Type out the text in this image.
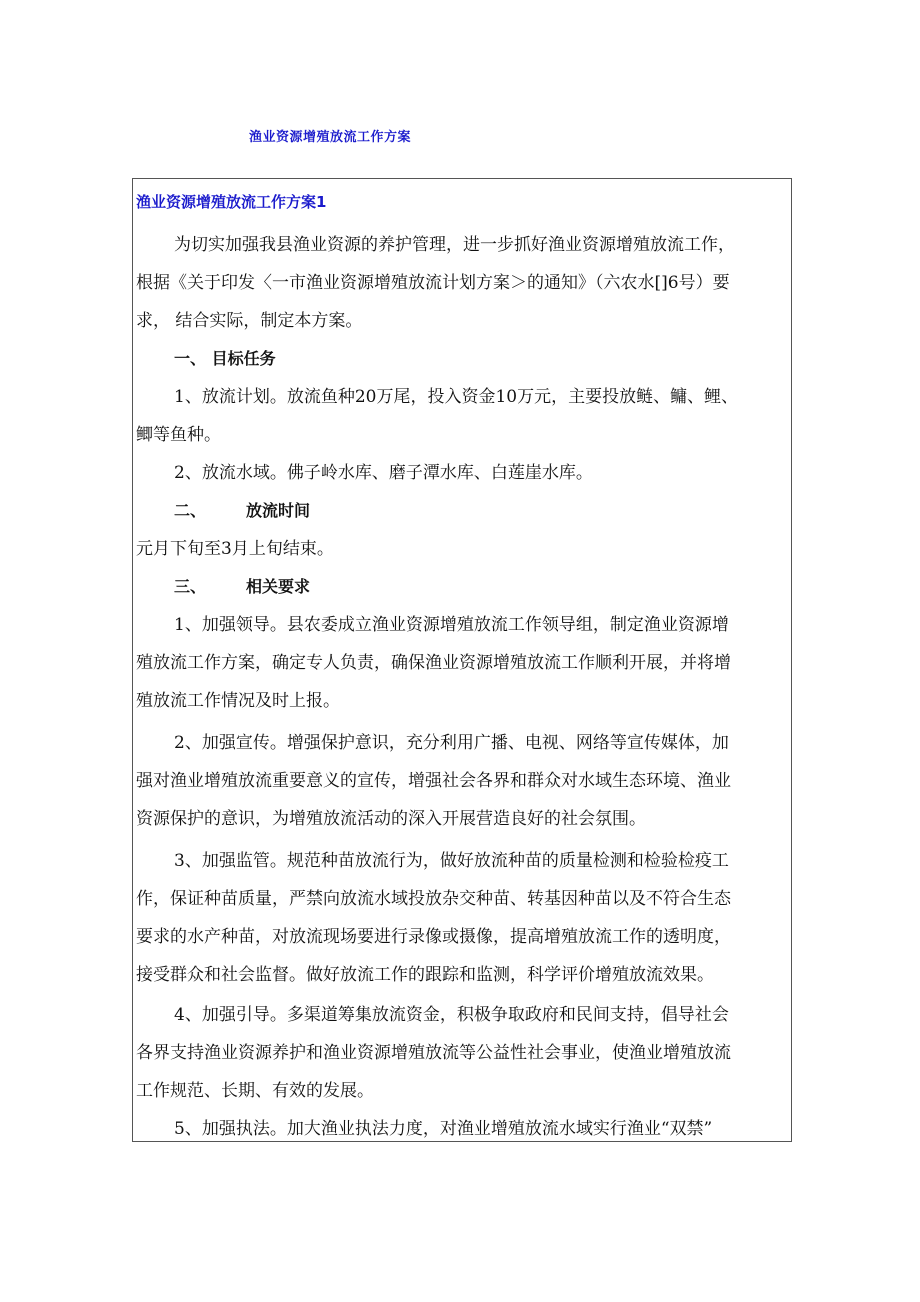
渔业资源增殖放流工作方案
渔业资源增殖放流工作方案1
为切实加强我县渔业资源的养护管理，进一步抓好渔业资源增殖放流工作，
根据《关于印发〈一市渔业资源增殖放流计划方案＞的通知》（六农水[]6号）要
求， 结合实际，制定本方案。
一、 目标任务
1、放流计划。放流鱼种20万尾，投入资金10万元，主要投放鲢、鳙、鲤、
鲫等鱼种。
2、放流水域。佛子岭水库、磨子潭水库、白莲崖水库。
二、	放流时间
元月下旬至3月上旬结束。
三、	相关要求
1、加强领导。县农委成立渔业资源增殖放流工作领导组，制定渔业资源增
殖放流工作方案，确定专人负责，确保渔业资源增殖放流工作顺利开展，并将增
殖放流工作情况及时上报。
2、加强宣传。增强保护意识，充分利用广播、电视、网络等宣传媒体，加
强对渔业增殖放流重要意义的宣传，增强社会各界和群众对水域生态环境、渔业
资源保护的意识，为增殖放流活动的深入开展营造良好的社会氛围。
3、加强监管。规范种苗放流行为，做好放流种苗的质量检测和检验检疫工
作，保证种苗质量，严禁向放流水域投放杂交种苗、转基因种苗以及不符合生态
要求的水产种苗，对放流现场要进行录像或摄像，提高增殖放流工作的透明度，
接受群众和社会监督。做好放流工作的跟踪和监测，科学评价增殖放流效果。
4、加强引导。多渠道筹集放流资金，积极争取政府和民间支持，倡导社会
各界支持渔业资源养护和渔业资源增殖放流等公益性社会事业，使渔业增殖放流
工作规范、长期、有效的发展。
5、加强执法。加大渔业执法力度，对渔业增殖放流水域实行渔业“双禁”
